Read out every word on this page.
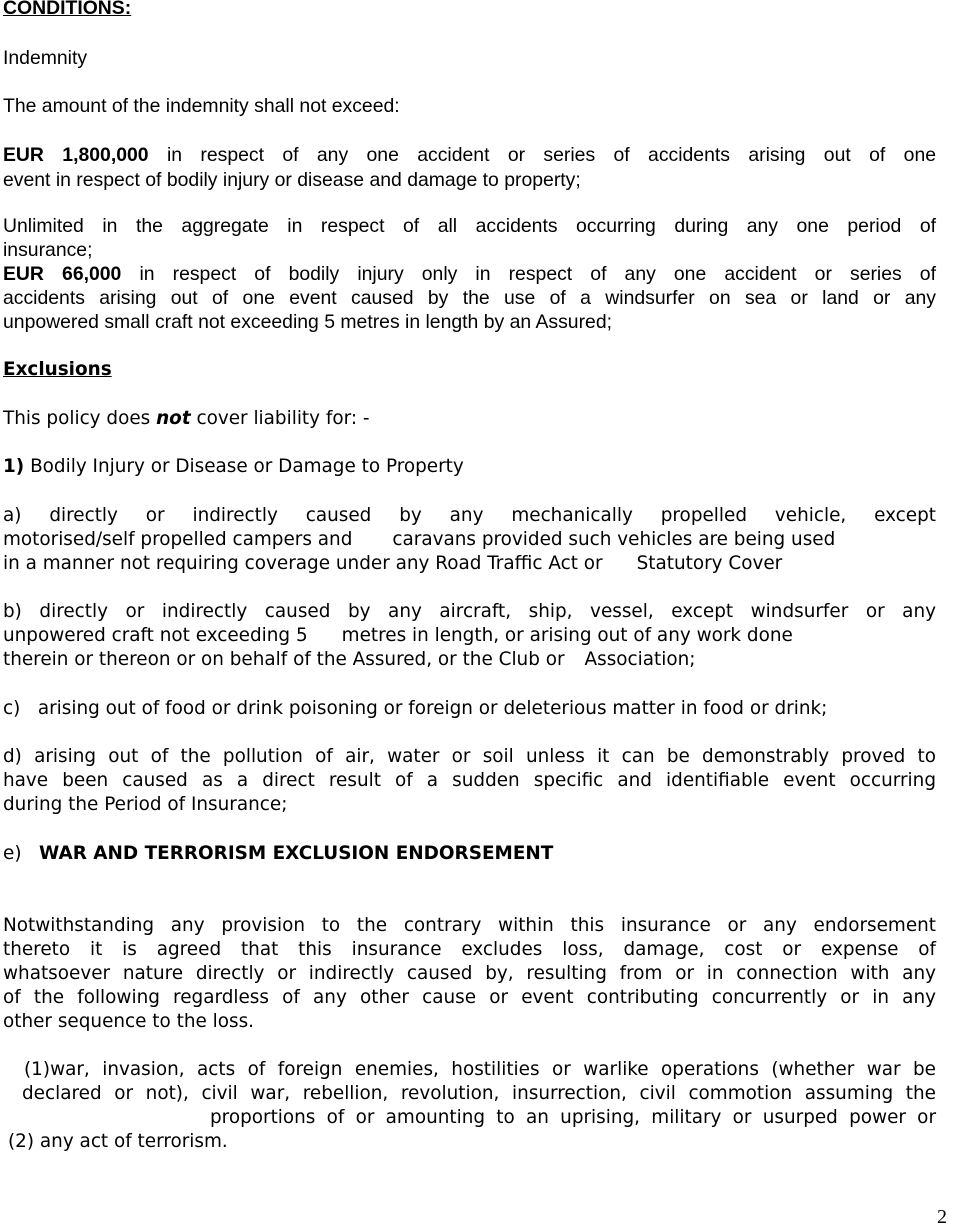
CONDITIONS:
Indemnity
The amount of the indemnity shall not exceed:
EUR 1,800,000 in respect of any one accident or series of accidents arising out of one
event in respect of bodily injury or disease and damage to property;
Unlimited in the aggregate in respect of all accidents occurring during any one period of
insurance;
EUR 66,000 in respect of bodily injury only in respect of any one accident or series of
accidents arising out of one event caused by the use of a windsurfer on sea or land or any
unpowered small craft not exceeding 5 metres in length by an Assured;
Exclusions
This policy does not cover liability for: -
1) Bodily Injury or Disease or Damage to Property
a) directly or indirectly caused by any mechanically propelled vehicle, except
motorised/self propelled campers and caravans provided such vehicles are being used
in a manner not requiring coverage under any Road Traffic Act or Statutory Cover
b) directly or indirectly caused by any aircraft, ship, vessel, except windsurfer or any
unpowered craft not exceeding 5 metres in length, or arising out of any work done
therein or thereon or on behalf of the Assured, or the Club or Association;
c) arising out of food or drink poisoning or foreign or deleterious matter in food or drink;
d) arising out of the pollution of air, water or soil unless it can be demonstrably proved to
have been caused as a direct result of a sudden specific and identifiable event occurring
during the Period of Insurance;
e) WAR AND TERRORISM EXCLUSION ENDORSEMENT
Notwithstanding any provision to the contrary within this insurance or any endorsement
thereto it is agreed that this insurance excludes loss, damage, cost or expense of
whatsoever nature directly or indirectly caused by, resulting from or in connection with any
of the following regardless of any other cause or event contributing concurrently or in any
other sequence to the loss.
(1)war, invasion, acts of foreign enemies, hostilities or warlike operations (whether war be
declared or not), civil war, rebellion, revolution, insurrection, civil commotion assuming the
proportions of or amounting to an uprising, military or usurped power or
(2) any act of terrorism.
2
